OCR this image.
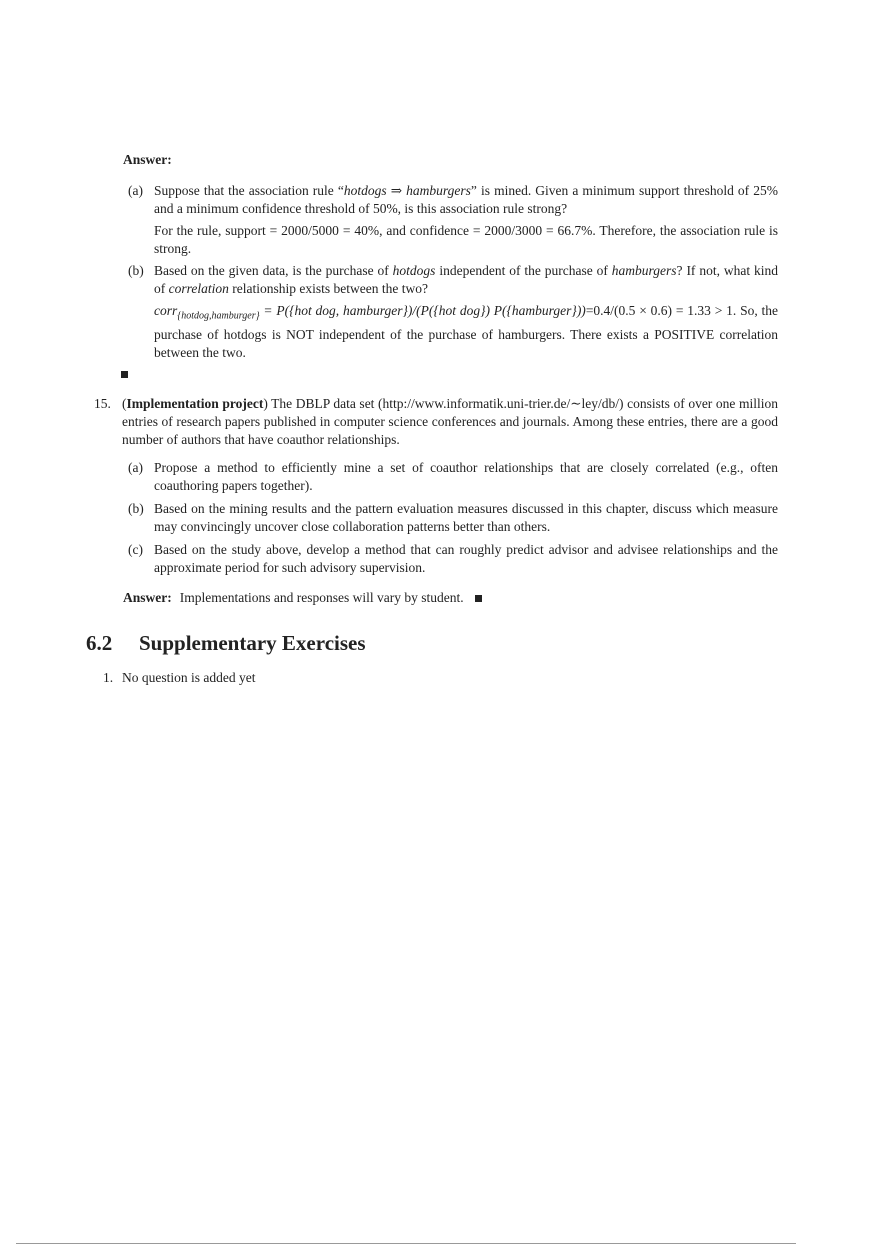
Answer:
(a) Suppose that the association rule “hotdogs ⇒ hamburgers” is mined. Given a minimum support threshold of 25% and a minimum confidence threshold of 50%, is this association rule strong?

For the rule, support = 2000/5000 = 40%, and confidence = 2000/3000 = 66.7%. Therefore, the association rule is strong.

(b) Based on the given data, is the purchase of hotdogs independent of the purchase of hamburgers? If not, what kind of correlation relationship exists between the two?

corr$_{\{hotdog,hamburger\}}$ = P({hot dog, hamburger})/(P({hot dog}) P({hamburger}))=0.4/(0.5 × 0.6) = 1.33 > 1. So, the purchase of hotdogs is NOT independent of the purchase of hamburgers. There exists a POSITIVE correlation between the two.

15. (Implementation project) The DBLP data set (http://www.informatik.uni-trier.de/∼ley/db/) consists of over one million entries of research papers published in computer science conferences and journals. Among these entries, there are a good number of authors that have coauthor relationships.

(a) Propose a method to efficiently mine a set of coauthor relationships that are closely correlated (e.g., often coauthoring papers together).

(b) Based on the mining results and the pattern evaluation measures discussed in this chapter, discuss which measure may convincingly uncover close collaboration patterns better than others.

(c) Based on the study above, develop a method that can roughly predict advisor and advisee relationships and the approximate period for such advisory supervision.

Answer: Implementations and responses will vary by student.
6.2 Supplementary Exercises
1. No question is added yet
